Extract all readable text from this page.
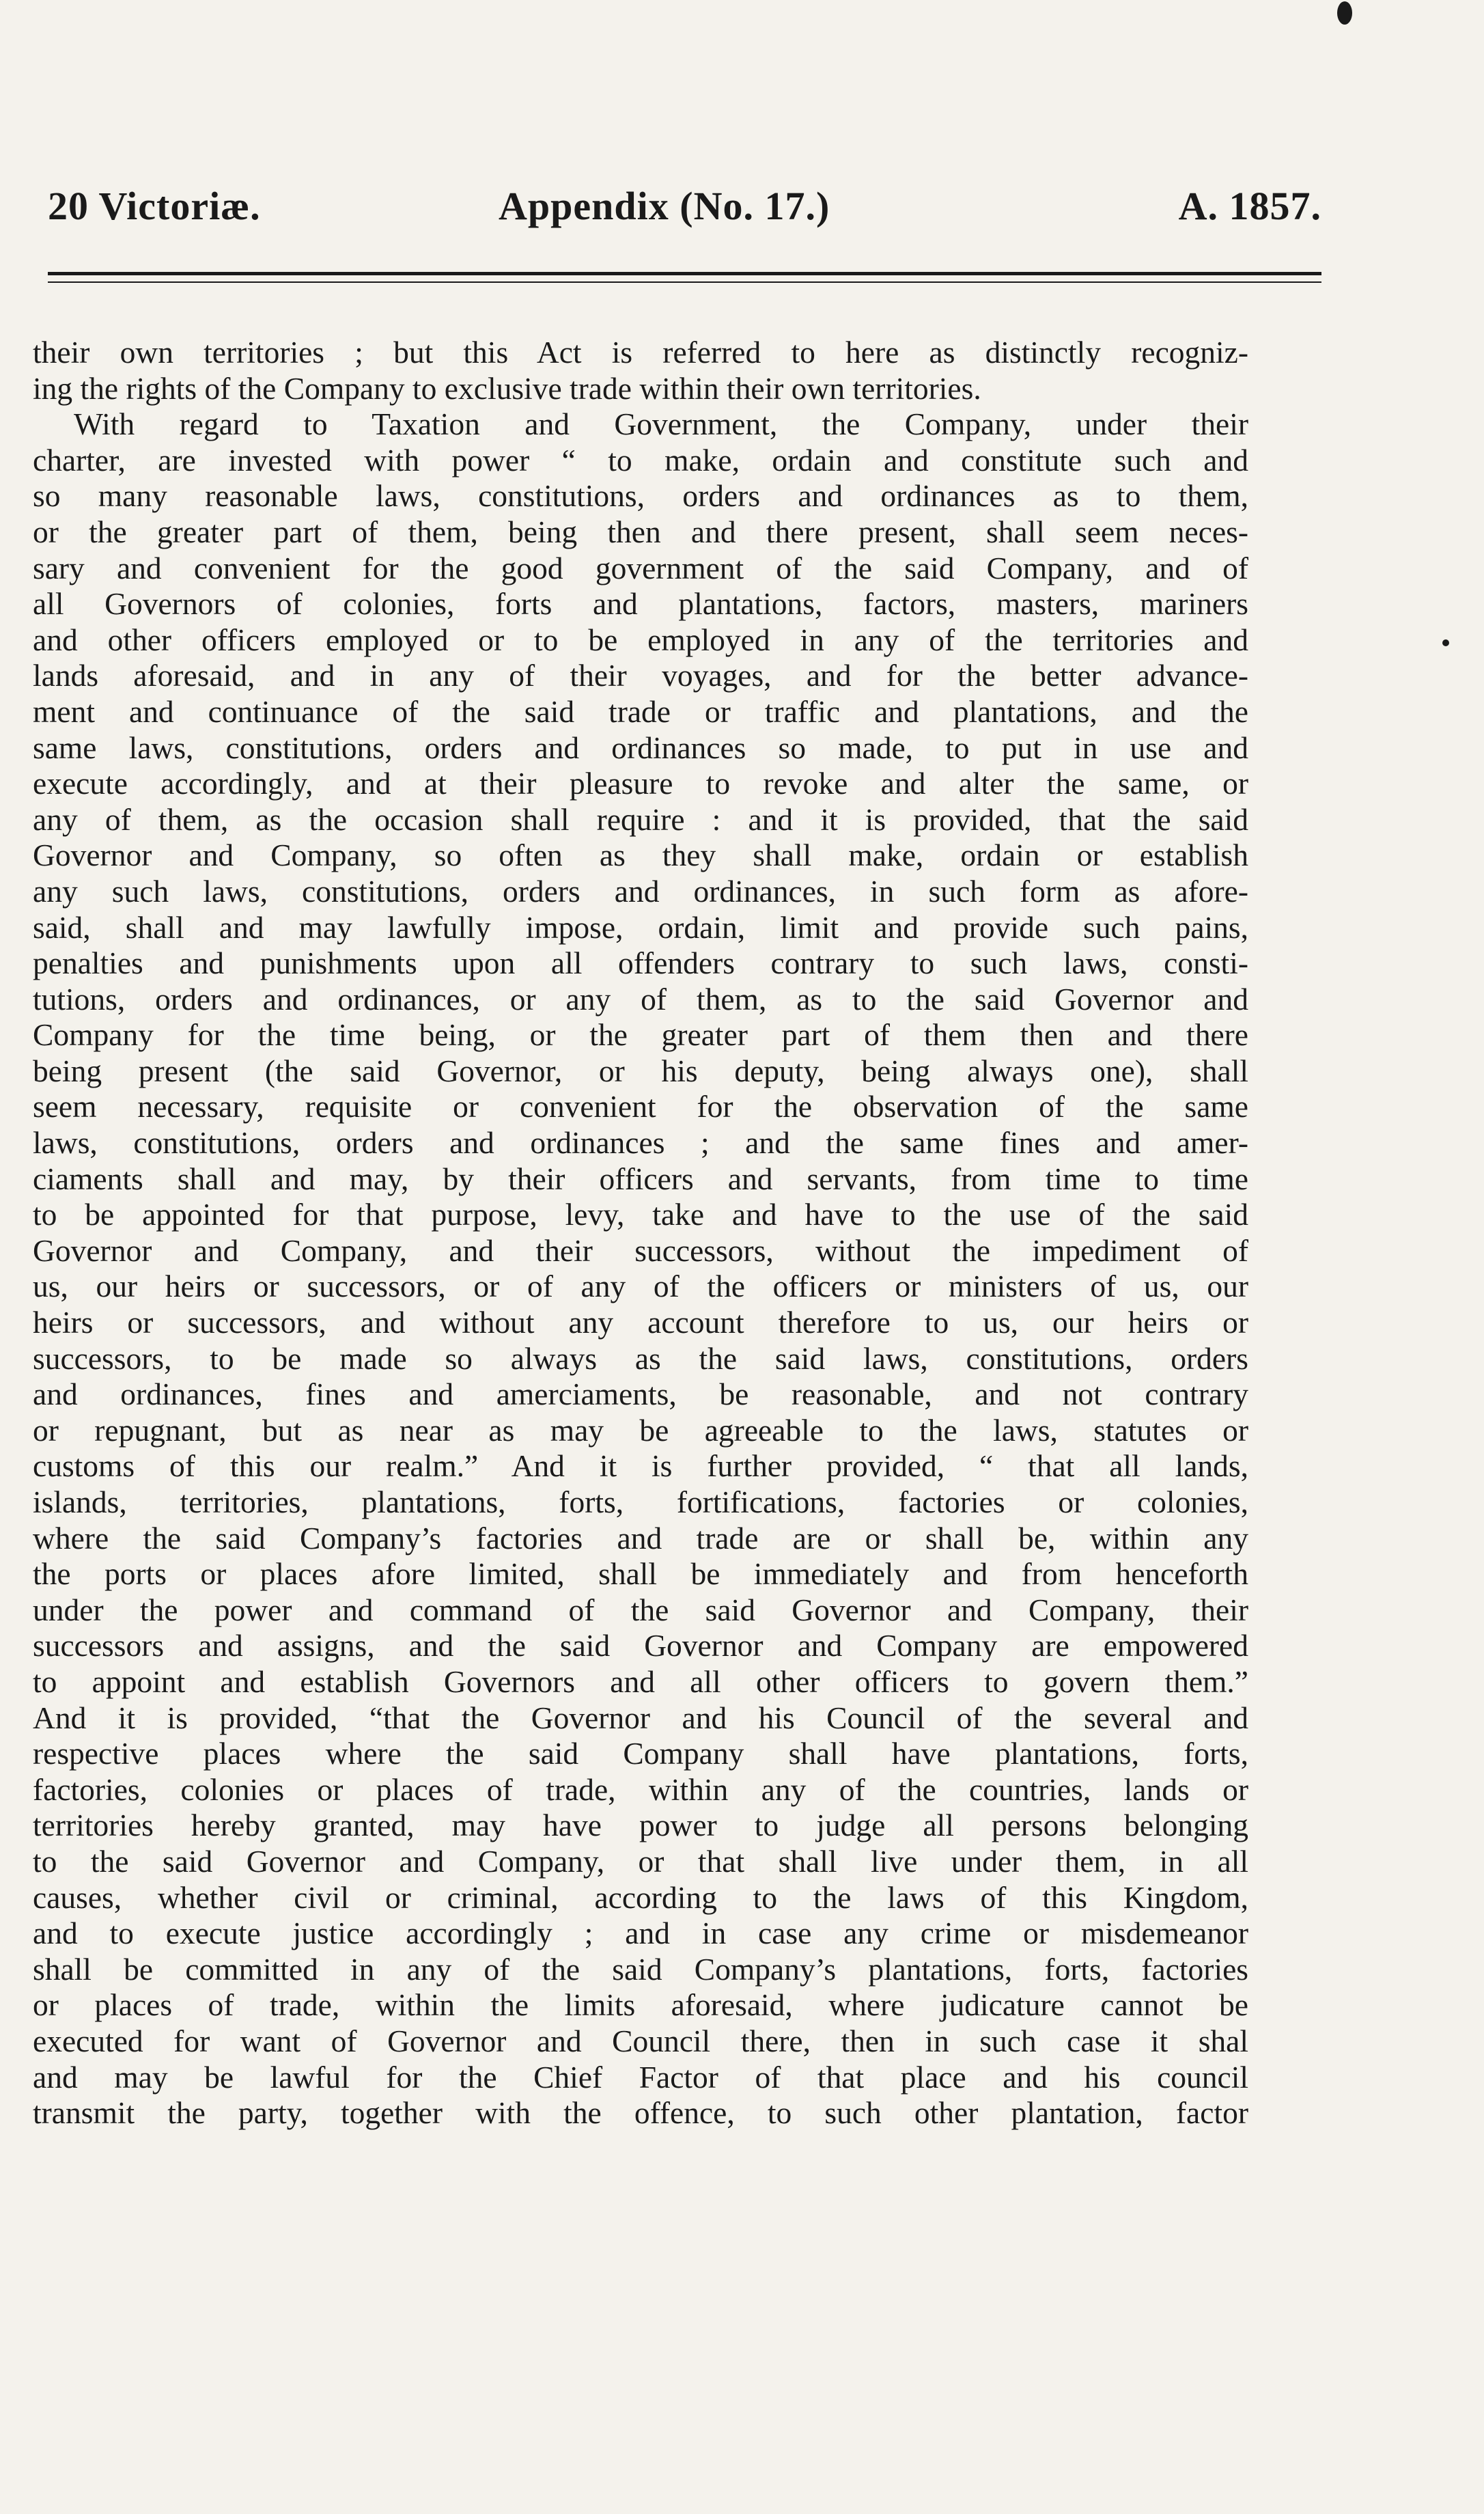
20 Victoriæ.	Appendix (No. 17.)	A. 1857.
their own territories ; but this Act is referred to here as distinctly recogniz-
ing the rights of the Company to exclusive trade within their own territories.
With regard to Taxation and Government, the Company, under their
charter, are invested with power “ to make, ordain and constitute such and
so many reasonable laws, constitutions, orders and ordinances as to them,
or the greater part of them, being then and there present, shall seem neces-
sary and convenient for the good government of the said Company, and of
all Governors of colonies, forts and plantations, factors, masters, mariners
and other officers employed or to be employed in any of the territories and
lands aforesaid, and in any of their voyages, and for the better advance-
ment and continuance of the said trade or traffic and plantations, and the
same laws, constitutions, orders and ordinances so made, to put in use and
execute accordingly, and at their pleasure to revoke and alter the same, or
any of them, as the occasion shall require : and it is provided, that the said
Governor and Company, so often as they shall make, ordain or establish
any such laws, constitutions, orders and ordinances, in such form as afore-
said, shall and may lawfully impose, ordain, limit and provide such pains,
penalties and punishments upon all offenders contrary to such laws, consti-
tutions, orders and ordinances, or any of them, as to the said Governor and
Company for the time being, or the greater part of them then and there
being present (the said Governor, or his deputy, being always one), shall
seem necessary, requisite or convenient for the observation of the same
laws, constitutions, orders and ordinances ; and the same fines and amer-
ciaments shall and may, by their officers and servants, from time to time
to be appointed for that purpose, levy, take and have to the use of the said
Governor and Company, and their successors, without the impediment of
us, our heirs or successors, or of any of the officers or ministers of us, our
heirs or successors, and without any account therefore to us, our heirs or
successors, to be made so always as the said laws, constitutions, orders
and ordinances, fines and amerciaments, be reasonable, and not contrary
or repugnant, but as near as may be agreeable to the laws, statutes or
customs of this our realm.” And it is further provided, “ that all lands,
islands, territories, plantations, forts, fortifications, factories or colonies,
where the said Company’s factories and trade are or shall be, within any
the ports or places afore limited, shall be immediately and from henceforth
under the power and command of the said Governor and Company, their
successors and assigns, and the said Governor and Company are empowered
to appoint and establish Governors and all other officers to govern them.”
And it is provided, “that the Governor and his Council of the several and
respective places where the said Company shall have plantations, forts,
factories, colonies or places of trade, within any of the countries, lands or
territories hereby granted, may have power to judge all persons belonging
to the said Governor and Company, or that shall live under them, in all
causes, whether civil or criminal, according to the laws of this Kingdom,
and to execute justice accordingly ; and in case any crime or misdemeanor
shall be committed in any of the said Company’s plantations, forts, factories
or places of trade, within the limits aforesaid, where judicature cannot be
executed for want of Governor and Council there, then in such case it shal
and may be lawful for the Chief Factor of that place and his council
transmit the party, together with the offence, to such other plantation, factor
